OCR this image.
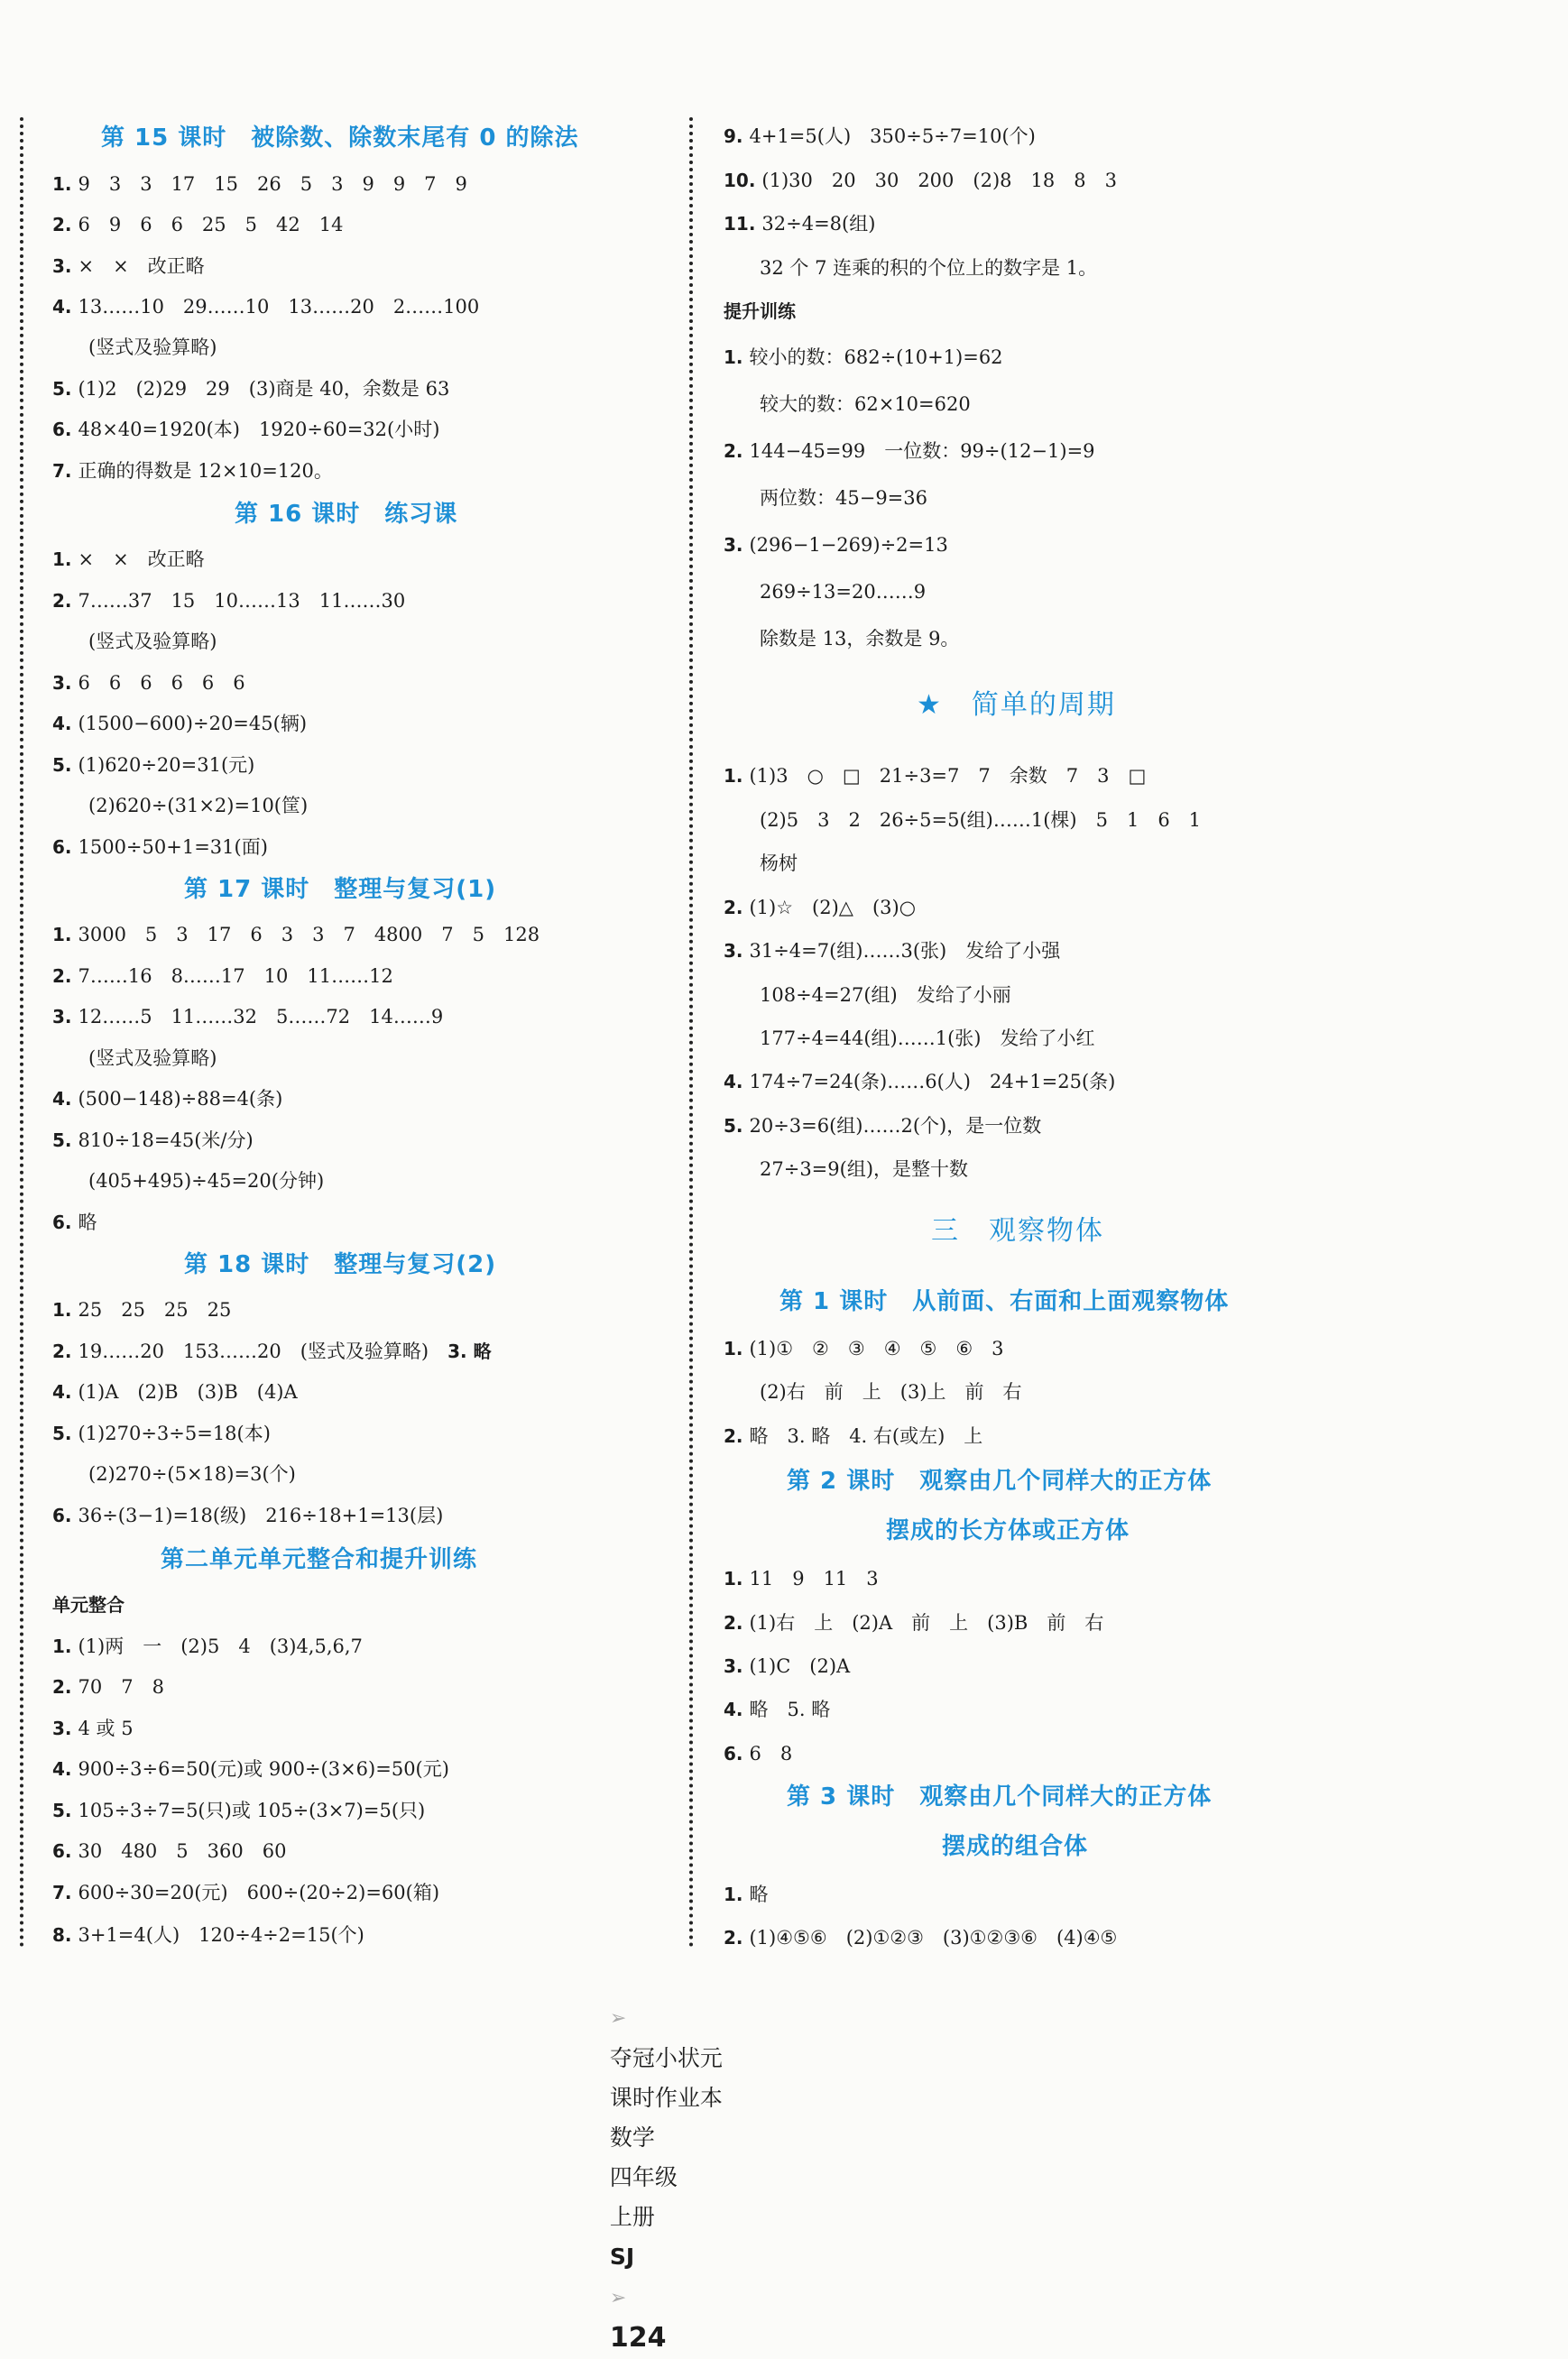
第 15 课时　被除数、除数末尾有 0 的除法
1. 9　3　3　17　15　26　5　3　9　9　7　9
2. 6　9　6　6　25　5　42　14
3. ×　×　改正略
4. 13……10　29……10　13……20　2……100
(竖式及验算略)
5. (1)2　(2)29　29　(3)商是 40，余数是 63
6. 48×40=1920(本)　1920÷60=32(小时)
7. 正确的得数是 12×10=120。
第 16 课时　练习课
1. ×　×　改正略
2. 7……37　15　10……13　11……30
(竖式及验算略)
3. 6　6　6　6　6　6
4. (1500−600)÷20=45(辆)
5. (1)620÷20=31(元)
(2)620÷(31×2)=10(筐)
6. 1500÷50+1=31(面)
第 17 课时　整理与复习(1)
1. 3000　5　3　17　6　3　3　7　4800　7　5　128
2. 7……16　8……17　10　11……12
3. 12……5　11……32　5……72　14……9
(竖式及验算略)
4. (500−148)÷88=4(条)
5. 810÷18=45(米/分)
(405+495)÷45=20(分钟)
6. 略
第 18 课时　整理与复习(2)
1. 25　25　25　25
2. 19……20　153……20　(竖式及验算略)　 3. 略
4. (1)A　(2)B　(3)B　(4)A
5. (1)270÷3÷5=18(本)
(2)270÷(5×18)=3(个)
6. 36÷(3−1)=18(级)　216÷18+1=13(层)
第二单元单元整合和提升训练
单元整合
1. (1)两　一　(2)5　4　(3)4,5,6,7
2. 70　7　8
3. 4 或 5
4. 900÷3÷6=50(元)或 900÷(3×6)=50(元)
5. 105÷3÷7=5(只)或 105÷(3×7)=5(只)
6. 30　480　5　360　60
7. 600÷30=20(元)　600÷(20÷2)=60(箱)
8. 3+1=4(人)　120÷4÷2=15(个)
9. 4+1=5(人)　350÷5÷7=10(个)
10. (1)30　20　30　200　(2)8　18　8　3
11. 32÷4=8(组)
32 个 7 连乘的积的个位上的数字是 1。
提升训练
1. 较小的数：682÷(10+1)=62
较大的数：62×10=620
2. 144−45=99　一位数：99÷(12−1)=9
两位数：45−9=36
3. (296−1−269)÷2=13
269÷13=20……9
除数是 13，余数是 9。
★　简单的周期
1. (1)3　○　□　21÷3=7　7　余数　7　3　□
(2)5　3　2　26÷5=5(组)……1(棵)　5　1　6　1
杨树
2. (1)☆　(2)△　(3)○
3. 31÷4=7(组)……3(张)　发给了小强
108÷4=27(组)　发给了小丽
177÷4=44(组)……1(张)　发给了小红
4. 174÷7=24(条)……6(人)　24+1=25(条)
5. 20÷3=6(组)……2(个)，是一位数
27÷3=9(组)，是整十数
三　观察物体
第 1 课时　从前面、右面和上面观察物体
1. (1)①　②　③　④　⑤　⑥　3
(2)右　前　上　(3)上　前　右
2. 略　3. 略　4. 右(或左)　上
第 2 课时　观察由几个同样大的正方体
摆成的长方体或正方体
1. 11　9　11　3
2. (1)右　上　(2)A　前　上　(3)B　前　右
3. (1)C　(2)A
4. 略　5. 略
6. 6　8
第 3 课时　观察由几个同样大的正方体
摆成的组合体
1. 略
2. (1)④⑤⑥　(2)①②③　(3)①②③⑥　(4)④⑤

➢
夺冠小状元
课时作业本
数学
四年级
上册
SJ
➢
124
